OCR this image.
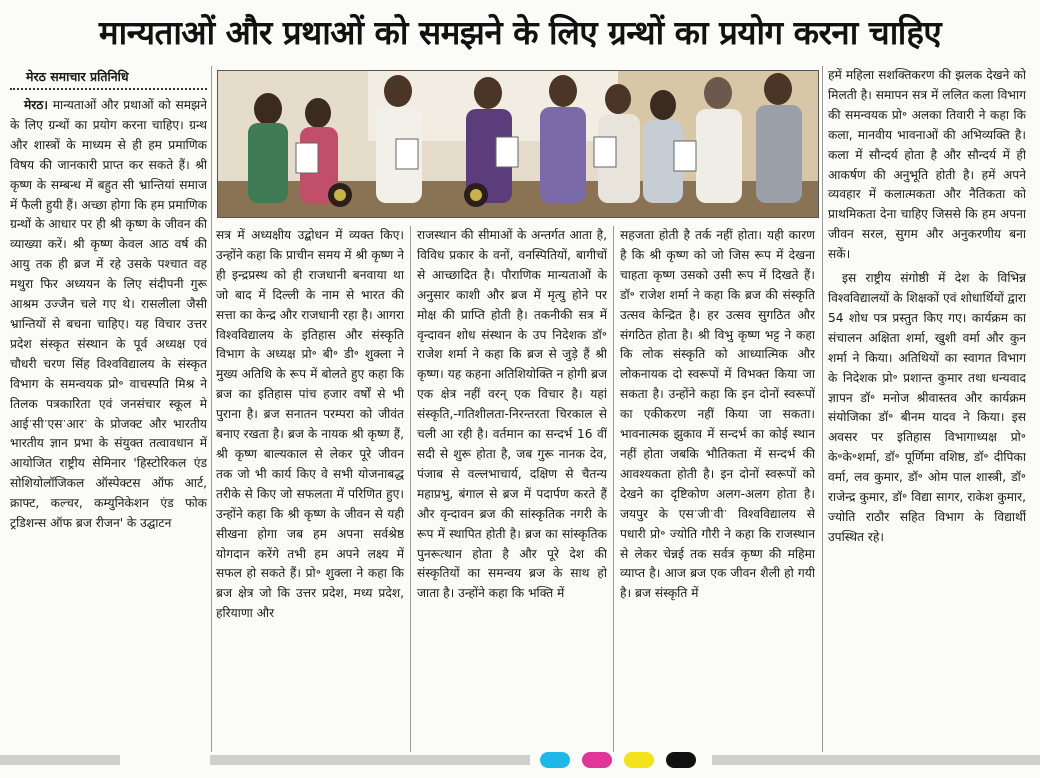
मान्यताओं और प्रथाओं को समझने के लिए ग्रन्थों का प्रयोग करना चाहिए
मेरठ समाचार प्रतिनिधि

मेरठ। मान्यताओं और प्रथाओं को समझने के लिए ग्रन्थों का प्रयोग करना चाहिए। ग्रन्थ और शास्त्रों के माध्यम से ही हम प्रमाणिक विषय की जानकारी प्राप्त कर सकते हैं। श्री कृष्ण के सम्बन्ध में बहुत सी भ्रान्तियां समाज में फैली हुयी हैं। अच्छा होगा कि हम प्रमाणिक ग्रन्थों के आधार पर ही श्री कृष्ण के जीवन की व्याख्या करें। श्री कृष्ण केवल आठ वर्ष की आयु तक ही ब्रज में रहे उसके पश्चात वह मथुरा फिर अध्ययन के लिए संदीपनी गुरू आश्रम उज्जैन चले गए थे। रासलीला जैसी भ्रान्तियों से बचना चाहिए। यह विचार उत्तर प्रदेश संस्कृत संस्थान के पूर्व अध्यक्ष एवं चौधरी चरण सिंह विश्वविद्यालय के संस्कृत विभाग के समन्वयक प्रो॰ वाचस्पति मिश्र ने तिलक पत्रकारिता एवं जनसंचार स्कूल मे आईॱसीॱएसॱआरॱ के प्रोजक्ट और भारतीय भारतीय ज्ञान प्रभा के संयुक्त तत्वावधान में आयोजित राष्ट्रीय सेमिनार 'हिस्टोरिकल एंड सोशियोलॉजिकल ऑस्पेक्टस ऑफ आर्ट, क्राफ्ट, कल्चर, कम्युनिकेशन एंड फोक ट्रडिशन्स ऑफ ब्रज रीजन' के उद्घाटन

सत्र में अध्यक्षीय उद्बोधन में व्यक्त किए। उन्होंने कहा कि प्राचीन समय में श्री कृष्ण ने ही इन्द्रप्रस्थ को ही राजधानी बनवाया था जो बाद में दिल्ली के नाम से भारत की सत्ता का केन्द्र और राजधानी रहा है। आगरा विश्वविद्यालय के इतिहास और संस्कृति विभाग के अध्यक्ष प्रो॰ बी॰ डी॰ शुक्ला ने मुख्य अतिथि के रूप में बोलते हुए कहा कि ब्रज का इतिहास पांच हजार वर्षों से भी पुराना है। ब्रज सनातन परम्परा को जीवंत बनाए रखता है। ब्रज के नायक श्री कृष्ण हैं, श्री कृष्ण बाल्यकाल से लेकर पूरे जीवन तक जो भी कार्य किए वे सभी योजनाबद्ध तरीके से किए जो सफलता में परिणित हुए। उन्होंने कहा कि श्री कृष्ण के जीवन से यही सीखना होगा जब हम अपना सर्वश्रेष्ठ योगदान करेंगे तभी हम अपने लक्ष्य में सफल हो सकते हैं। प्रो॰ शुक्ला ने कहा कि ब्रज क्षेत्र जो कि उत्तर प्रदेश, मध्य प्रदेश, हरियाणा और

राजस्थान की सीमाओं के अन्तर्गत आता है, विविध प्रकार के वनों, वनस्पितियों, बागीचों से आच्छादित है। पौराणिक मान्यताओं के अनुसार काशी और ब्रज में मृत्यु होने पर मोक्ष की प्राप्ति होती है। तकनीकी सत्र में वृन्दावन शोध संस्थान के उप निदेशक डॉ॰ राजेश शर्मा ने कहा कि ब्रज से जुडे़ हैं श्री कृष्ण। यह कहना अतिशियोक्ति न होगी ब्रज एक क्षेत्र नहीं वरन्‌ एक विचार है। यहां संस्कृति,-गतिशीलता-निरन्तरता चिरकाल से चली आ रही है। वर्तमान का सन्दर्भ 16 वीं सदी से शुरू होता है, जब गुरू नानक देव, पंजाब से वल्लभाचार्य, दक्षिण से चैतन्य महाप्रभु, बंगाल से ब्रज में पदार्पण करते हैं और वृन्दावन ब्रज की सांस्कृतिक नगरी के रूप में स्थापित होती है। ब्रज का सांस्कृतिक पुनरूत्थान होता है और पूरे देश की संस्कृतियों का समन्वय ब्रज के साथ हो जाता है। उन्होंने कहा कि भक्ति में

सहजता होती है तर्क नहीं होता। यही कारण है कि श्री कृष्ण को जो जिस रूप में देखना चाहता कृष्ण उसको उसी रूप में दिखते हैं। डॉ॰ राजेश शर्मा ने कहा कि ब्रज की संस्कृति उत्सव केन्द्रित है। हर उत्सव सुगठित और संगठित होता है। श्री विभु कृष्ण भट्ट ने कहा कि लोक संस्कृति को आध्यात्मिक और लोकनायक दो स्वरूपों में विभक्त किया जा सकता है। उन्होंने कहा कि इन दोनों स्वरूपों का एकीकरण नहीं किया जा सकता। भावनात्मक झुकाव में सन्दर्भ का कोई स्थान नहीं होता जबकि भौतिकता में सन्दर्भ की आवश्यकता होती है। इन दोनों स्वरूपों को देखने का दृष्टिकोण अलग-अलग होता है। जयपुर के एसॱजीॱवीॱ विश्वविद्यालय से पधारी प्रो॰ ज्योति गौरी ने कहा कि राजस्थान से लेकर चेन्नई तक सर्वत्र कृष्ण की महिमा व्याप्त है। आज ब्रज एक जीवन शैली हो गयी है। ब्रज संस्कृति में

हमें महिला सशक्तिकरण की झलक देखने को मिलती है। समापन सत्र में ललित कला विभाग की समन्वयक प्रो॰ अलका तिवारी ने कहा कि कला, मानवीय भावनाओं की अभिव्यक्ति है। कला में सौन्दर्य होता है और सौन्दर्य में ही आकर्षण की अनुभूति होती है। हमें अपने व्यवहार में कलात्मकता और नैतिकता को प्राथमिकता देना चाहिए जिससे कि हम अपना जीवन सरल, सुगम और अनुकरणीय बना सकें।

इस राष्ट्रीय संगोष्ठी में देश के विभिन्न विश्वविद्यालयों के शिक्षकों एवं शोधार्थियों द्वारा 54 शोध पत्र प्रस्तुत किए गए। कार्यक्रम का संचालन अक्षिता शर्मा, खुशी वर्मा और कुन शर्मा ने किया। अतिथियों का स्वागत विभाग के निदेशक प्रो॰ प्रशान्त कुमार तथा धन्यवाद ज्ञापन डॉ॰ मनोज श्रीवास्तव और कार्यक्रम संयोजिका डॉ॰ बीनम यादव ने किया। इस अवसर पर इतिहास विभागाध्यक्ष प्रो॰ के॰के॰शर्मा, डॉ॰ पूर्णिमा वशिष्ठ, डॉ॰ दीपिका वर्मा, लव कुमार, डॉ॰ ओम पाल शास्त्री, डॉ॰ राजेन्द्र कुमार, डॉ॰ विद्या सागर, राकेश कुमार, ज्योति राठौर सहित विभाग के विद्यार्थी उपस्थित रहे।
